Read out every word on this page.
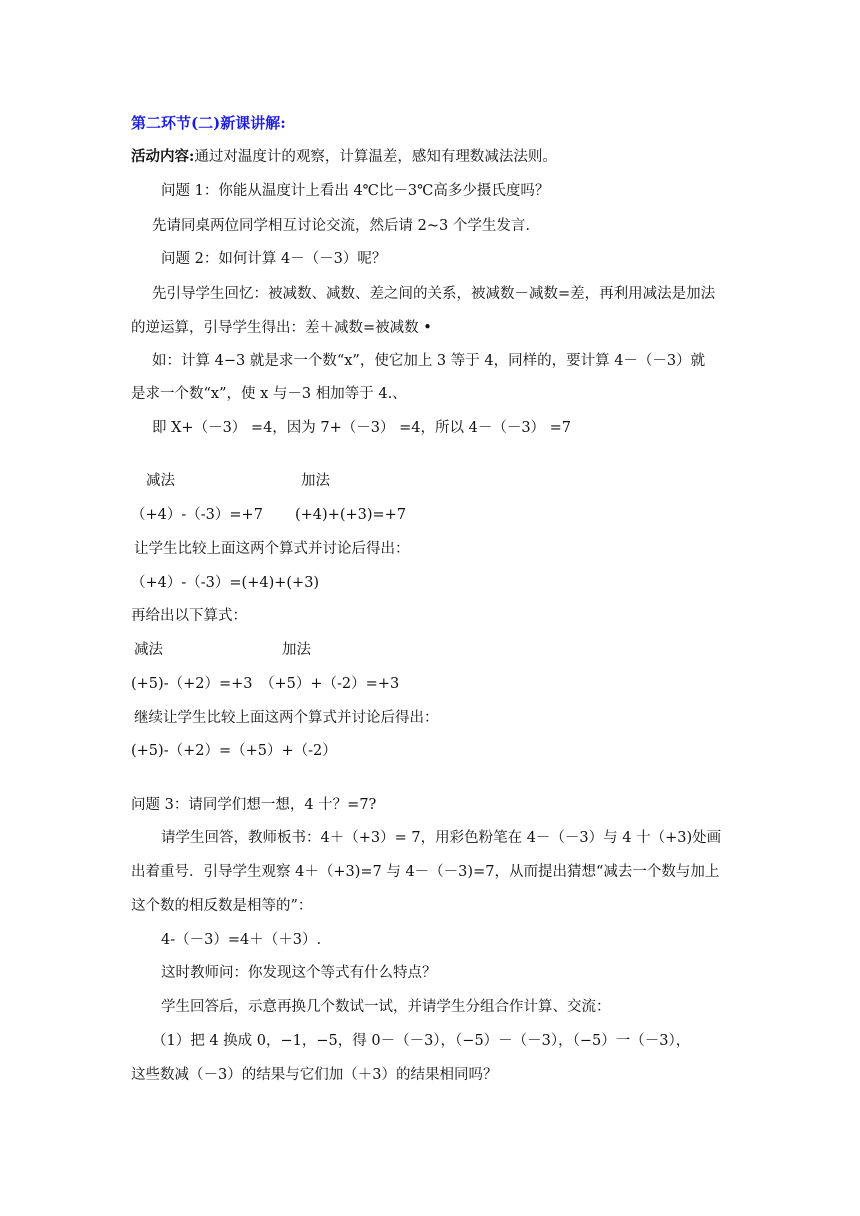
第二环节(二)新课讲解:
活动内容:通过对温度计的观察，计算温差，感知有理数减法法则。
问题 1：你能从温度计上看出 4℃比－3℃高多少摄氏度吗？
先请同桌两位同学相互讨论交流，然后请 2~3 个学生发言.
问题 2：如何计算 4－（－3）呢？
先引导学生回忆：被减数、减数、差之间的关系，被减数－减数=差，再利用减法是加法
的逆运算，引导学生得出：差＋减数=被减数 •
如：计算 4−3 就是求一个数“x”，使它加上 3 等于 4，同样的，要计算 4－（－3）就
是求一个数“x”，使 x 与－3 相加等于 4.、
即 X+（－3） =4，因为 7+（－3） =4，所以 4－（－3） =7
减法	加法
（+4）-（-3）=+7 (+4)+(+3)=+7
让学生比较上面这两个算式并讨论后得出：
（+4）-（-3）=(+4)+(+3)
再给出以下算式：
减法	加法
(+5)-（+2）=+3 （+5）+（-2）=+3
继续让学生比较上面这两个算式并讨论后得出：
(+5)-（+2）=（+5）+（-2）
问题 3：请同学们想一想，4 十？=7?
请学生回答，教师板书：4＋（+3）= 7，用彩色粉笔在 4－（－3）与 4 十（+3)处画
出着重号．引导学生观察 4＋（+3)=7 与 4－（－3)=7，从而提出猜想“减去一个数与加上
这个数的相反数是相等的”：
4-（－3）=4＋（＋3）.
这时教师问：你发现这个等式有什么特点？
学生回答后，示意再换几个数试一试，并请学生分组合作计算、交流：
（1）把 4 换成 0，−1，−5，得 0－（－3），（−5）－（－3），（−5）一（－3），
这些数减（－3）的结果与它们加（＋3）的结果相同吗？
